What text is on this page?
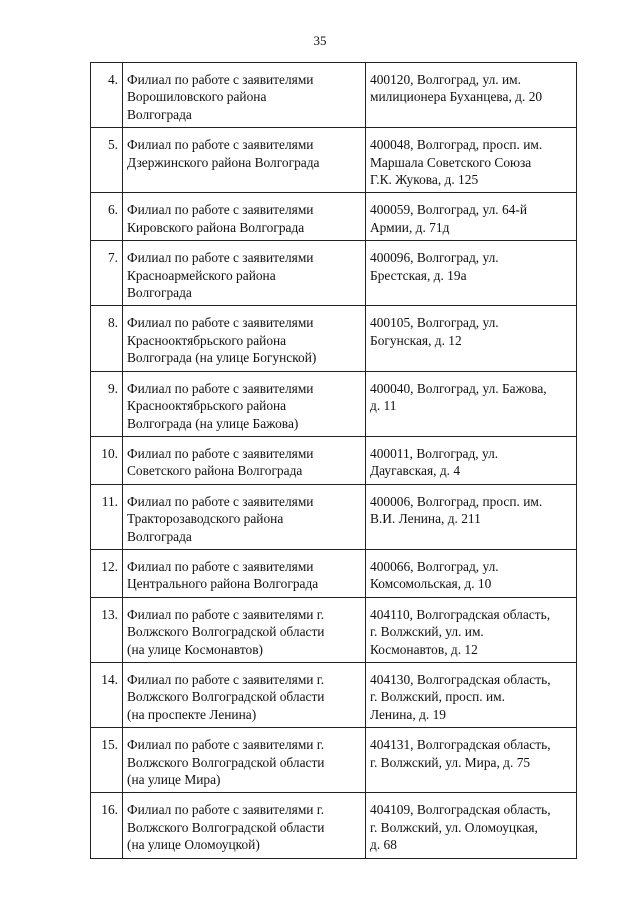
35
4.	Филиал по работе с заявителями
Ворошиловского района
Волгограда	400120, Волгоград, ул. им.
милиционера Буханцева, д. 20
5.	Филиал по работе с заявителями
Дзержинского района Волгограда	400048, Волгоград, просп. им.
Маршала Советского Союза
Г.К. Жукова, д. 125
6.	Филиал по работе с заявителями
Кировского района Волгограда	400059, Волгоград, ул. 64-й
Армии, д. 71д
7.	Филиал по работе с заявителями
Красноармейского района
Волгограда	400096, Волгоград, ул.
Брестская, д. 19а
8.	Филиал по работе с заявителями
Краснооктябрьского района
Волгограда (на улице Богунской)	400105, Волгоград, ул.
Богунская, д. 12
9.	Филиал по работе с заявителями
Краснооктябрьского района
Волгограда (на улице Бажова)	400040, Волгоград, ул. Бажова,
д. 11
10.	Филиал по работе с заявителями
Советского района Волгограда	400011, Волгоград, ул.
Даугавская, д. 4
11.	Филиал по работе с заявителями
Тракторозаводского района
Волгограда	400006, Волгоград, просп. им.
В.И. Ленина, д. 211
12.	Филиал по работе с заявителями
Центрального района Волгограда	400066, Волгоград, ул.
Комсомольская, д. 10
13.	Филиал по работе с заявителями г.
Волжского Волгоградской области
(на улице Космонавтов)	404110, Волгоградская область,
г. Волжский, ул. им.
Космонавтов, д. 12
14.	Филиал по работе с заявителями г.
Волжского Волгоградской области
(на проспекте Ленина)	404130, Волгоградская область,
г. Волжский, просп. им.
Ленина, д. 19
15.	Филиал по работе с заявителями г.
Волжского Волгоградской области
(на улице Мира)	404131, Волгоградская область,
г. Волжский, ул. Мира, д. 75
16.	Филиал по работе с заявителями г.
Волжского Волгоградской области
(на улице Оломоуцкой)	404109, Волгоградская область,
г. Волжский, ул. Оломоуцкая,
д. 68
